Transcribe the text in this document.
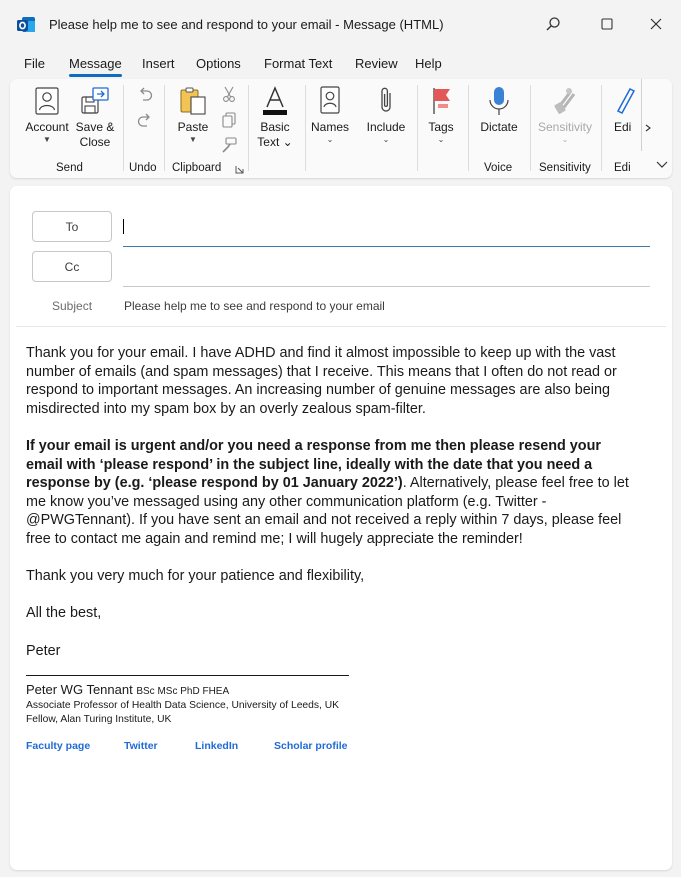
Please help me to see and respond to your email - Message (HTML)
File Message Insert Options Format Text Review Help
Account
▼
Save &
Close
Send	Undo
Paste
▼
Clipboard
Basic
Text ⌄
Names
⌄
Include
⌄
Tags
⌄
Dictate
Voice
Sensitivity
⌄
Sensitivity
Edi
Edi
To
Cc
Subject	Please help me to see and respond to your email

Thank you for your email. I have ADHD and find it almost impossible to keep up with the vast number of emails (and spam messages) that I receive. This means that I often do not read or respond to important messages. An increasing number of genuine messages are also being misdirected into my spam box by an overly zealous spam-filter.

If your email is urgent and/or you need a response from me then please resend your email with ‘please respond’ in the subject line, ideally with the date that you need a response by (e.g. ‘please respond by 01 January 2022’). Alternatively, please feel free to let me know you’ve messaged using any other communication platform (e.g. Twitter - @PWGTennant). If you have sent an email and not received a reply within 7 days, please feel free to contact me again and remind me; I will hugely appreciate the reminder!

Thank you very much for your patience and flexibility,

All the best,

Peter

Peter WG Tennant BSc MSc PhD FHEA
Associate Professor of Health Data Science, University of Leeds, UK
Fellow, Alan Turing Institute, UK
Faculty page	Twitter	LinkedIn	Scholar profile
